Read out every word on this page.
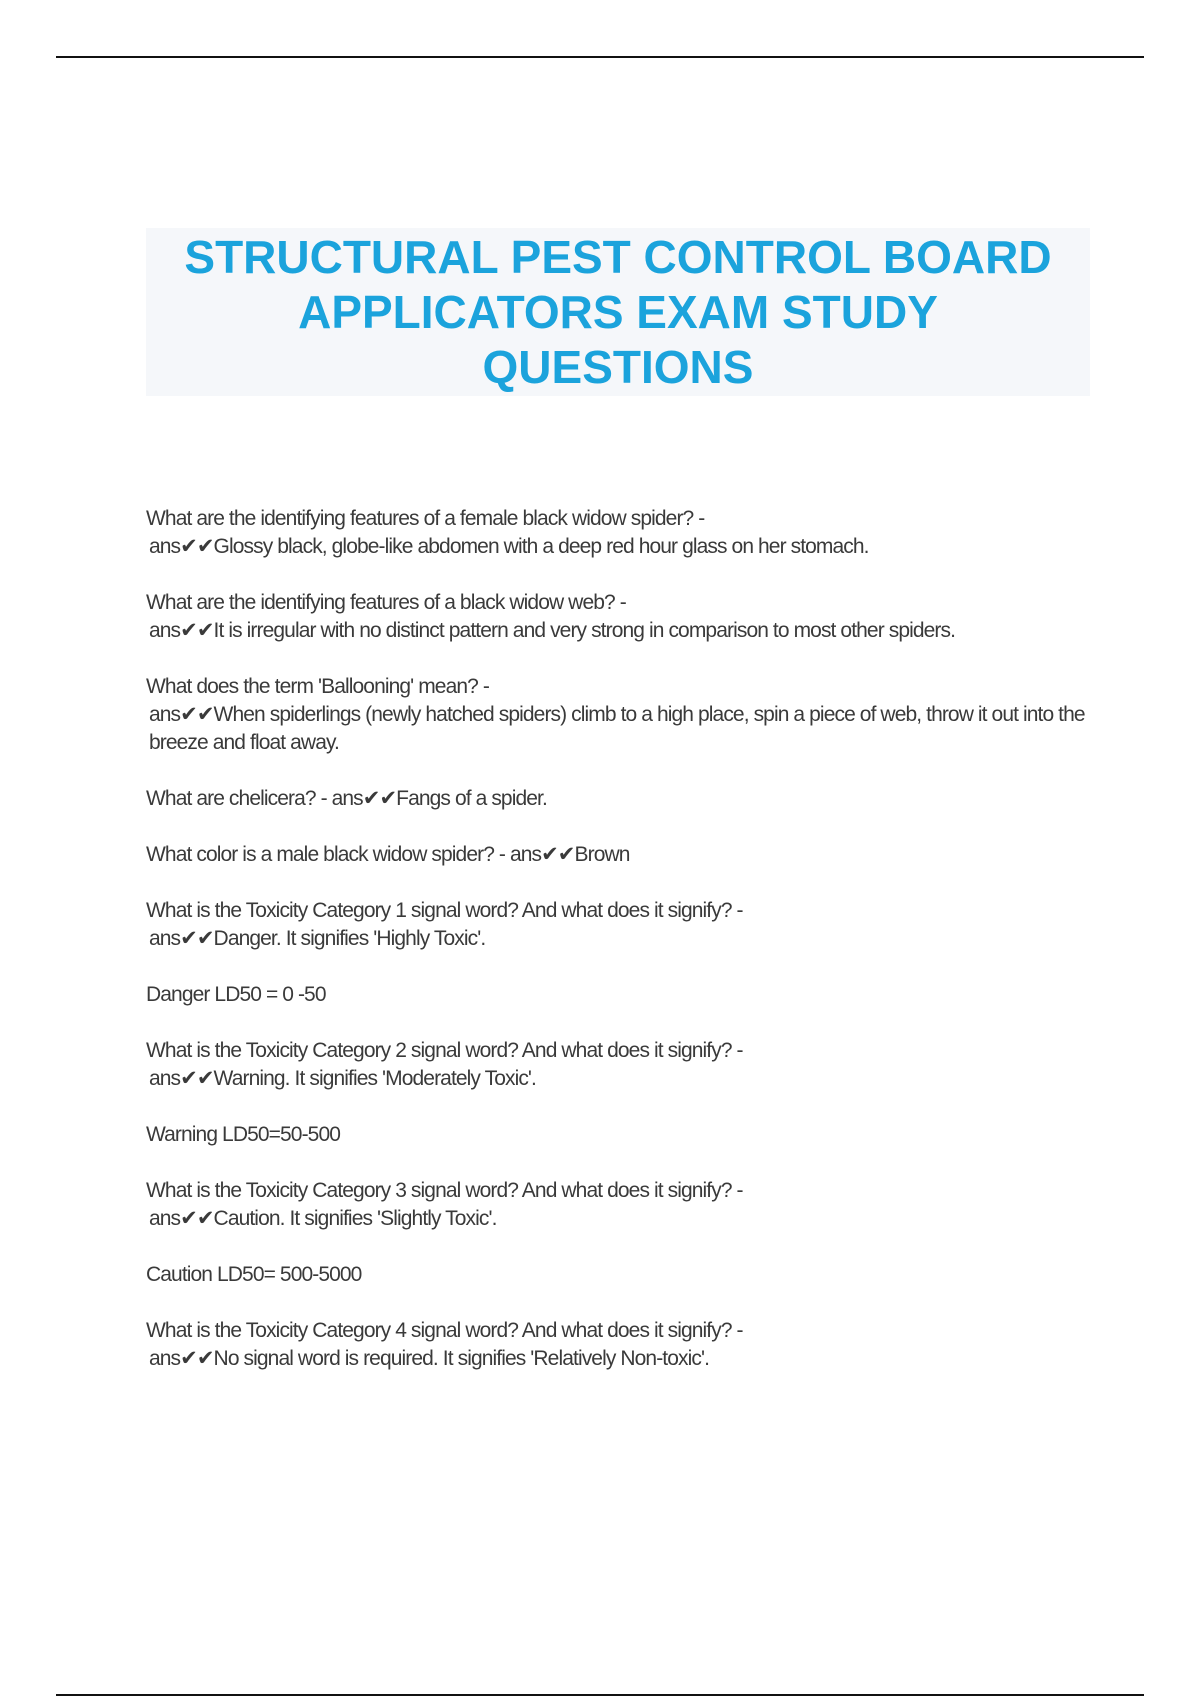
STRUCTURAL PEST CONTROL BOARD APPLICATORS EXAM STUDY QUESTIONS
What are the identifying features of a female black widow spider? -
ans✔✔Glossy black, globe-like abdomen with a deep red hour glass on her stomach.
What are the identifying features of a black widow web? -
ans✔✔It is irregular with no distinct pattern and very strong in comparison to most other spiders.
What does the term 'Ballooning' mean? -
ans✔✔When spiderlings (newly hatched spiders) climb to a high place, spin a piece of web, throw it out into the breeze and float away.
What are chelicera? - ans✔✔Fangs of a spider.
What color is a male black widow spider? - ans✔✔Brown
What is the Toxicity Category 1 signal word? And what does it signify? -
ans✔✔Danger. It signifies 'Highly Toxic'.
Danger LD50 = 0 -50
What is the Toxicity Category 2 signal word? And what does it signify? -
ans✔✔Warning. It signifies 'Moderately Toxic'.
Warning LD50=50-500
What is the Toxicity Category 3 signal word? And what does it signify? -
ans✔✔Caution. It signifies 'Slightly Toxic'.
Caution LD50= 500-5000
What is the Toxicity Category 4 signal word? And what does it signify? -
ans✔✔No signal word is required. It signifies 'Relatively Non-toxic'.
